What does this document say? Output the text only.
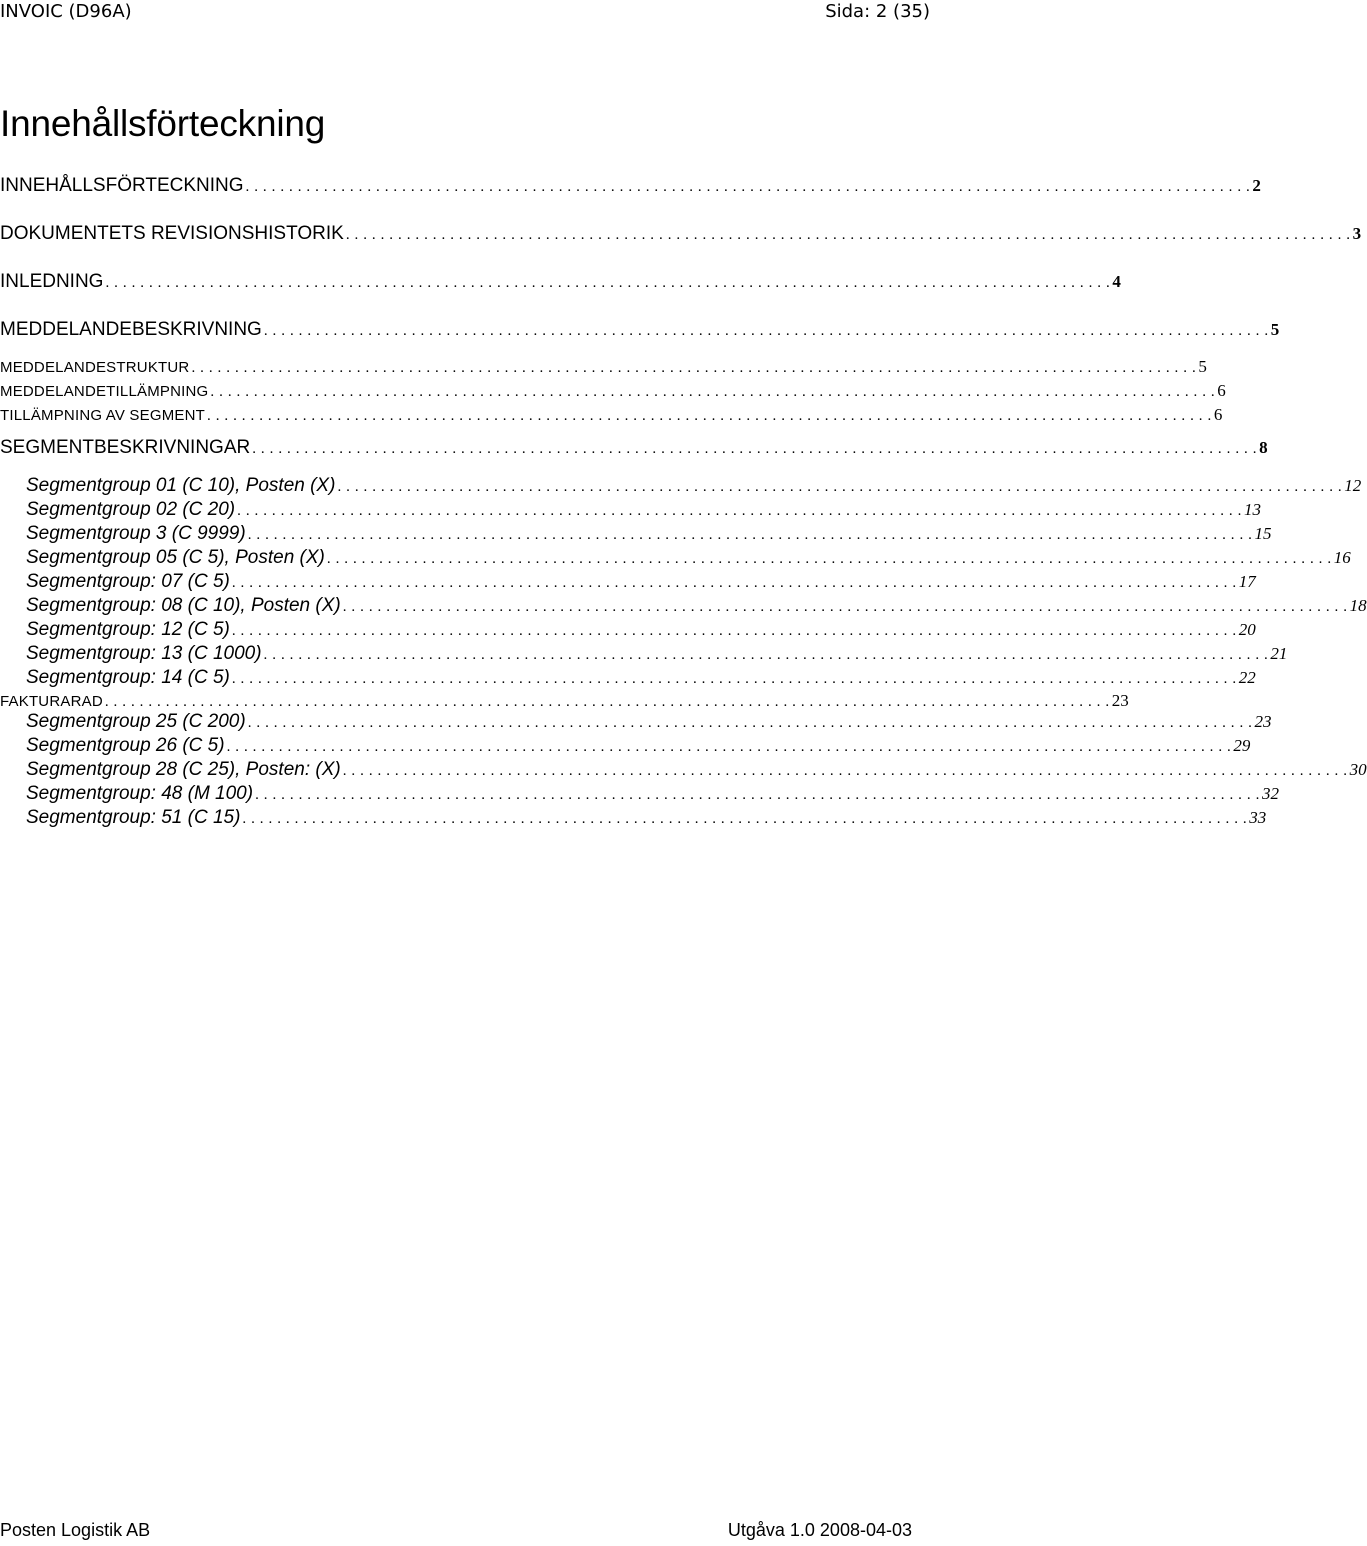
INVOIC (D96A)	Sida: 2 (35)
Innehållsförteckning
INNEHÅLLSFÖRTECKNING . . . . . . . . . . . . . . . . . . . . . . . . . . . . . . . . . . . . . . . . . . . . . . . . . . . . . . . . . . . . . . . . . . . . . . . . . . . . . . . . . . . . . . . . . . . . . . . . . . . . . . . . . . . . . . . . . . . . 2
DOKUMENTETS REVISIONSHISTORIK . . . . . . . . . . . . . . . . . . . . . . . . . . . . . . . . . . . . . . . . . . . . . . . . . . . . . . . . . . . . . . . . . . . . . . . . . . . . . . . . . . . . . . . . . . . . . . . . . . . . . . . . . . . . . . . . . . . . 3
INLEDNING . . . . . . . . . . . . . . . . . . . . . . . . . . . . . . . . . . . . . . . . . . . . . . . . . . . . . . . . . . . . . . . . . . . . . . . . . . . . . . . . . . . . . . . . . . . . . . . . . . . . . . . . . . . . . . . . . . . . 4
MEDDELANDEBESKRIVNING . . . . . . . . . . . . . . . . . . . . . . . . . . . . . . . . . . . . . . . . . . . . . . . . . . . . . . . . . . . . . . . . . . . . . . . . . . . . . . . . . . . . . . . . . . . . . . . . . . . . . . . . . . . . . . . . . . . . 5
MEDDELANDESTRUKTUR . . . . . . . . . . . . . . . . . . . . . . . . . . . . . . . . . . . . . . . . . . . . . . . . . . . . . . . . . . . . . . . . . . . . . . . . . . . . . . . . . . . . . . . . . . . . . . . . . . . . . . . . . . . . . . . . . . . . 5
MEDDELANDETILLÄMPNING . . . . . . . . . . . . . . . . . . . . . . . . . . . . . . . . . . . . . . . . . . . . . . . . . . . . . . . . . . . . . . . . . . . . . . . . . . . . . . . . . . . . . . . . . . . . . . . . . . . . . . . . . . . . . . . . . . . . 6
TILLÄMPNING AV SEGMENT . . . . . . . . . . . . . . . . . . . . . . . . . . . . . . . . . . . . . . . . . . . . . . . . . . . . . . . . . . . . . . . . . . . . . . . . . . . . . . . . . . . . . . . . . . . . . . . . . . . . . . . . . . . . . . . . . . . . 6
SEGMENTBESKRIVNINGAR . . . . . . . . . . . . . . . . . . . . . . . . . . . . . . . . . . . . . . . . . . . . . . . . . . . . . . . . . . . . . . . . . . . . . . . . . . . . . . . . . . . . . . . . . . . . . . . . . . . . . . . . . . . . . . . . . . . . 8
Segmentgroup 01 (C 10), Posten (X) . . . . . . . . . . . . . . . . . . . . . . . . . . . . . . . . . . . . . . . . . . . . . . . . . . . . . . . . . . . . . . . . . . . . . . . . . . . . . . . . . . . . . . . . . . . . . . . . . . . . . . . . . . . . . . . . . . . . 12
Segmentgroup 02 (C 20) . . . . . . . . . . . . . . . . . . . . . . . . . . . . . . . . . . . . . . . . . . . . . . . . . . . . . . . . . . . . . . . . . . . . . . . . . . . . . . . . . . . . . . . . . . . . . . . . . . . . . . . . . . . . . . . . . . . . 13
Segmentgroup 3 (C 9999) . . . . . . . . . . . . . . . . . . . . . . . . . . . . . . . . . . . . . . . . . . . . . . . . . . . . . . . . . . . . . . . . . . . . . . . . . . . . . . . . . . . . . . . . . . . . . . . . . . . . . . . . . . . . . . . . . . . . 15
Segmentgroup 05 (C 5), Posten (X) . . . . . . . . . . . . . . . . . . . . . . . . . . . . . . . . . . . . . . . . . . . . . . . . . . . . . . . . . . . . . . . . . . . . . . . . . . . . . . . . . . . . . . . . . . . . . . . . . . . . . . . . . . . . . . . . . . . . 16
Segmentgroup: 07 (C 5) . . . . . . . . . . . . . . . . . . . . . . . . . . . . . . . . . . . . . . . . . . . . . . . . . . . . . . . . . . . . . . . . . . . . . . . . . . . . . . . . . . . . . . . . . . . . . . . . . . . . . . . . . . . . . . . . . . . . 17
Segmentgroup: 08 (C 10), Posten (X) . . . . . . . . . . . . . . . . . . . . . . . . . . . . . . . . . . . . . . . . . . . . . . . . . . . . . . . . . . . . . . . . . . . . . . . . . . . . . . . . . . . . . . . . . . . . . . . . . . . . . . . . . . . . . . . . . . . . 18
Segmentgroup: 12 (C 5) . . . . . . . . . . . . . . . . . . . . . . . . . . . . . . . . . . . . . . . . . . . . . . . . . . . . . . . . . . . . . . . . . . . . . . . . . . . . . . . . . . . . . . . . . . . . . . . . . . . . . . . . . . . . . . . . . . . . 20
Segmentgroup: 13 (C 1000) . . . . . . . . . . . . . . . . . . . . . . . . . . . . . . . . . . . . . . . . . . . . . . . . . . . . . . . . . . . . . . . . . . . . . . . . . . . . . . . . . . . . . . . . . . . . . . . . . . . . . . . . . . . . . . . . . . . . 21
Segmentgroup: 14 (C 5) . . . . . . . . . . . . . . . . . . . . . . . . . . . . . . . . . . . . . . . . . . . . . . . . . . . . . . . . . . . . . . . . . . . . . . . . . . . . . . . . . . . . . . . . . . . . . . . . . . . . . . . . . . . . . . . . . . . . 22
FAKTURARAD . . . . . . . . . . . . . . . . . . . . . . . . . . . . . . . . . . . . . . . . . . . . . . . . . . . . . . . . . . . . . . . . . . . . . . . . . . . . . . . . . . . . . . . . . . . . . . . . . . . . . . . . . . . . . . . . . . . . 23
Segmentgroup 25 (C 200) . . . . . . . . . . . . . . . . . . . . . . . . . . . . . . . . . . . . . . . . . . . . . . . . . . . . . . . . . . . . . . . . . . . . . . . . . . . . . . . . . . . . . . . . . . . . . . . . . . . . . . . . . . . . . . . . . . . . 23
Segmentgroup 26 (C 5) . . . . . . . . . . . . . . . . . . . . . . . . . . . . . . . . . . . . . . . . . . . . . . . . . . . . . . . . . . . . . . . . . . . . . . . . . . . . . . . . . . . . . . . . . . . . . . . . . . . . . . . . . . . . . . . . . . . . 29
Segmentgroup 28 (C 25), Posten: (X) . . . . . . . . . . . . . . . . . . . . . . . . . . . . . . . . . . . . . . . . . . . . . . . . . . . . . . . . . . . . . . . . . . . . . . . . . . . . . . . . . . . . . . . . . . . . . . . . . . . . . . . . . . . . . . . . . . . . 30
Segmentgroup: 48 (M 100) . . . . . . . . . . . . . . . . . . . . . . . . . . . . . . . . . . . . . . . . . . . . . . . . . . . . . . . . . . . . . . . . . . . . . . . . . . . . . . . . . . . . . . . . . . . . . . . . . . . . . . . . . . . . . . . . . . . . 32
Segmentgroup: 51 (C 15) . . . . . . . . . . . . . . . . . . . . . . . . . . . . . . . . . . . . . . . . . . . . . . . . . . . . . . . . . . . . . . . . . . . . . . . . . . . . . . . . . . . . . . . . . . . . . . . . . . . . . . . . . . . . . . . . . . . . 33
Posten Logistik AB	Utgåva 1.0 2008-04-03
